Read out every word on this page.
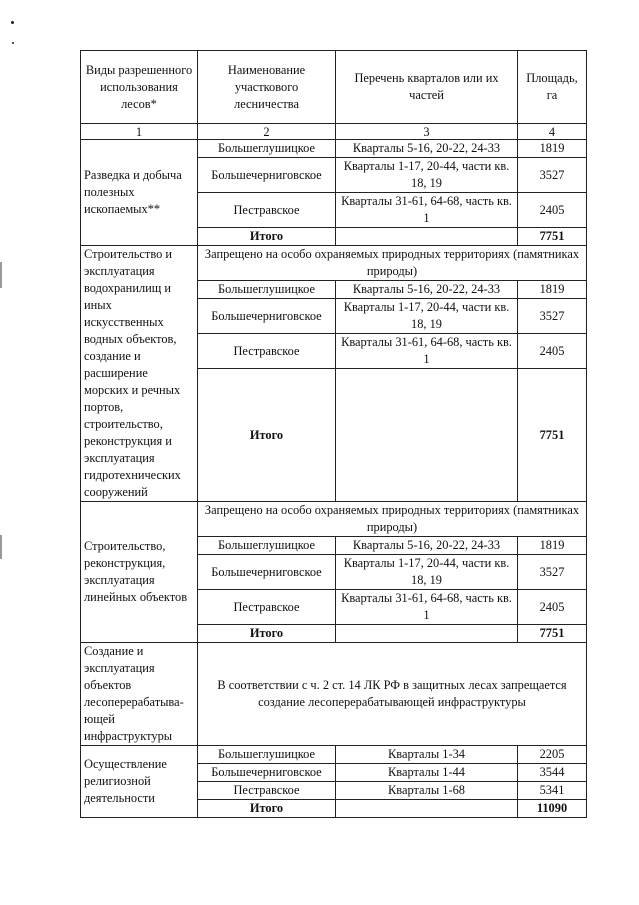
Виды разрешенного использования лесов*	Наименование участкового лесничества	Перечень кварталов или их частей	Площадь, га
1	2	3	4
Разведка и добыча полезных ископаемых**	Большеглушицкое	Кварталы 5-16, 20-22, 24-33	1819
	Большечерниговское	Кварталы 1-17, 20-44, части кв. 18, 19	3527
	Пестравское	Кварталы 31-61, 64-68, часть кв. 1	2405
	Итого		7751
Строительство и эксплуатация водохранилищ и иных искусственных водных объектов, создание и расширение морских и речных портов, строительство, реконструкция и эксплуатация гидротехнических сооружений	Запрещено на особо охраняемых природных территориях (памятниках природы)		
	Большеглушицкое	Кварталы 5-16, 20-22, 24-33	1819
	Большечерниговское	Кварталы 1-17, 20-44, части кв. 18, 19	3527
	Пестравское	Кварталы 31-61, 64-68, часть кв. 1	2405
	Итого		7751
Строительство, реконструкция, эксплуатация линейных объектов	Запрещено на особо охраняемых природных территориях (памятниках природы)		
	Большеглушицкое	Кварталы 5-16, 20-22, 24-33	1819
	Большечерниговское	Кварталы 1-17, 20-44, части кв. 18, 19	3527
	Пестравское	Кварталы 31-61, 64-68, часть кв. 1	2405
	Итого		7751
Создание и эксплуатация объектов лесоперерабатыва-ющей инфраструктуры	В соответствии с ч. 2 ст. 14 ЛК РФ в защитных лесах запрещается создание лесоперерабатывающей инфраструктуры		
Осуществление религиозной деятельности	Большеглушицкое	Кварталы 1-34	2205
	Большечерниговское	Кварталы 1-44	3544
	Пестравское	Кварталы 1-68	5341
	Итого		11090
